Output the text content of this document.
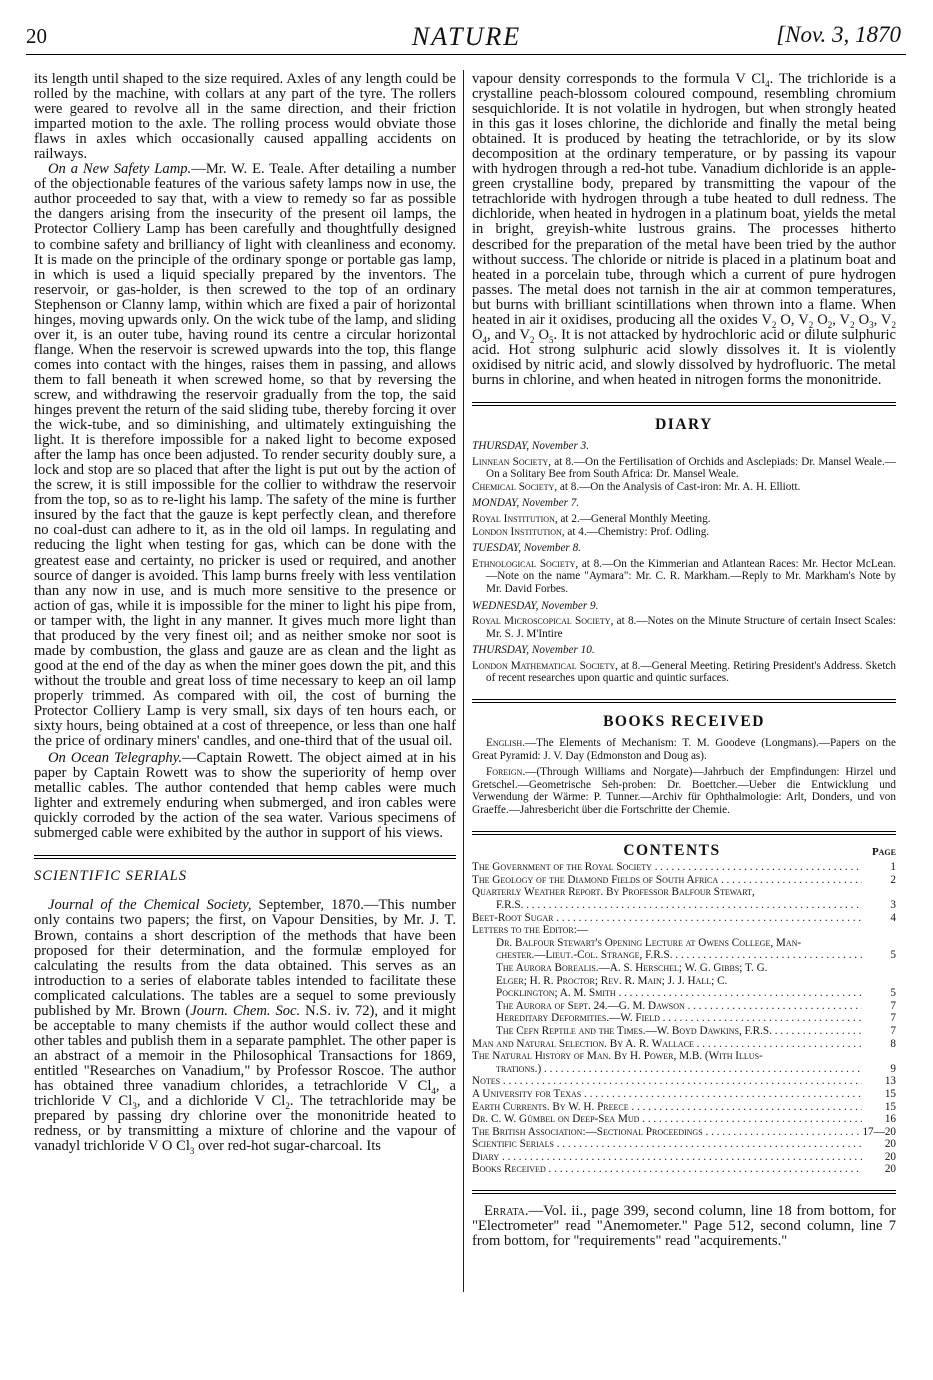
20	NATURE	[Nov. 3, 1870

its length until shaped to the size required. Axles of any length could be rolled by the machine, with collars at any part of the tyre. The rollers were geared to revolve all in the same direction, and their friction imparted motion to the axle. The rolling process would obviate those flaws in axles which occasionally caused appalling accidents on railways.

On a New Safety Lamp.—Mr. W. E. Teale. After detailing a number of the objectionable features of the various safety lamps now in use, the author proceeded to say that, with a view to remedy so far as possible the dangers arising from the insecurity of the present oil lamps, the Protector Colliery Lamp has been carefully and thoughtfully designed to combine safety and brilliancy of light with cleanliness and economy. It is made on the principle of the ordinary sponge or portable gas lamp, in which is used a liquid specially prepared by the inventors. The reservoir, or gas-holder, is then screwed to the top of an ordinary Stephenson or Clanny lamp, within which are fixed a pair of horizontal hinges, moving upwards only. On the wick tube of the lamp, and sliding over it, is an outer tube, having round its centre a circular horizontal flange. When the reservoir is screwed upwards into the top, this flange comes into contact with the hinges, raises them in passing, and allows them to fall beneath it when screwed home, so that by reversing the screw, and withdrawing the reservoir gradually from the top, the said hinges prevent the return of the said sliding tube, thereby forcing it over the wick-tube, and so diminishing, and ultimately extinguishing the light. It is therefore impossible for a naked light to become exposed after the lamp has once been adjusted. To render security doubly sure, a lock and stop are so placed that after the light is put out by the action of the screw, it is still impossible for the collier to withdraw the reservoir from the top, so as to re-light his lamp. The safety of the mine is further insured by the fact that the gauze is kept perfectly clean, and therefore no coal-dust can adhere to it, as in the old oil lamps. In regulating and reducing the light when testing for gas, which can be done with the greatest ease and certainty, no pricker is used or required, and another source of danger is avoided. This lamp burns freely with less ventilation than any now in use, and is much more sensitive to the presence or action of gas, while it is impossible for the miner to light his pipe from, or tamper with, the light in any manner. It gives much more light than that produced by the very finest oil; and as neither smoke nor soot is made by combustion, the glass and gauze are as clean and the light as good at the end of the day as when the miner goes down the pit, and this without the trouble and great loss of time necessary to keep an oil lamp properly trimmed. As compared with oil, the cost of burning the Protector Colliery Lamp is very small, six days of ten hours each, or sixty hours, being obtained at a cost of threepence, or less than one half the price of ordinary miners' candles, and one-third that of the usual oil.

On Ocean Telegraphy.—Captain Rowett. The object aimed at in his paper by Captain Rowett was to show the superiority of hemp over metallic cables. The author contended that hemp cables were much lighter and extremely enduring when submerged, and iron cables were quickly corroded by the action of the sea water. Various specimens of submerged cable were exhibited by the author in support of his views.

SCIENTIFIC SERIALS

Journal of the Chemical Society, September, 1870.—This number only contains two papers; the first, on Vapour Densities, by Mr. J. T. Brown, contains a short description of the methods that have been proposed for their determination, and the formulæ employed for calculating the results from the data obtained. This serves as an introduction to a series of elaborate tables intended to facilitate these complicated calculations. The tables are a sequel to some previously published by Mr. Brown (Journ. Chem. Soc. N.S. iv. 72), and it might be acceptable to many chemists if the author would collect these and other tables and publish them in a separate pamphlet. The other paper is an abstract of a memoir in the Philosophical Transactions for 1869, entitled "Researches on Vanadium," by Professor Roscoe. The author has obtained three vanadium chlorides, a tetrachloride V $Cl_4$, a trichloride V $Cl_3$, and a dichloride V $Cl_2$. The tetrachloride may be prepared by passing dry chlorine over the mononitride heated to redness, or by transmitting a mixture of chlorine and the vapour of vanadyl trichloride V O $Cl_3$ over red-hot sugar-charcoal. Its

vapour density corresponds to the formula V $Cl_4$. The trichloride is a crystalline peach-blossom coloured compound, resembling chromium sesquichloride. It is not volatile in hydrogen, but when strongly heated in this gas it loses chlorine, the dichloride and finally the metal being obtained. It is produced by heating the tetrachloride, or by its slow decomposition at the ordinary temperature, or by passing its vapour with hydrogen through a red-hot tube. Vanadium dichloride is an apple-green crystalline body, prepared by transmitting the vapour of the tetrachloride with hydrogen through a tube heated to dull redness. The dichloride, when heated in hydrogen in a platinum boat, yields the metal in bright, greyish-white lustrous grains. The processes hitherto described for the preparation of the metal have been tried by the author without success. The chloride or nitride is placed in a platinum boat and heated in a porcelain tube, through which a current of pure hydrogen passes. The metal does not tarnish in the air at common temperatures, but burns with brilliant scintillations when thrown into a flame. When heated in air it oxidises, producing all the oxides $V_2$ O, $V_2$ $O_2$, $V_2$ $O_3$, $V_2$ $O_4$, and $V_2$ $O_5$. It is not attacked by hydrochloric acid or dilute sulphuric acid. Hot strong sulphuric acid slowly dissolves it. It is violently oxidised by nitric acid, and slowly dissolved by hydrofluoric. The metal burns in chlorine, and when heated in nitrogen forms the mononitride.

DIARY

THURSDAY, November 3.

Linnean Society, at 8.—On the Fertilisation of Orchids and Asclepiads: Dr. Mansel Weale.—On a Solitary Bee from South Africa: Dr. Mansel Weale.

Chemical Society, at 8.—On the Analysis of Cast-iron: Mr. A. H. Elliott.

MONDAY, November 7.

Royal Institution, at 2.—General Monthly Meeting.

London Institution, at 4.—Chemistry: Prof. Odling.

TUESDAY, November 8.

Ethnological Society, at 8.—On the Kimmerian and Atlantean Races: Mr. Hector McLean.—Note on the name "Aymara": Mr. C. R. Markham.—Reply to Mr. Markham's Note by Mr. David Forbes.

WEDNESDAY, November 9.

Royal Microscopical Society, at 8.—Notes on the Minute Structure of certain Insect Scales: Mr. S. J. M'Intire

THURSDAY, November 10.

London Mathematical Society, at 8.—General Meeting. Retiring President's Address. Sketch of recent researches upon quartic and quintic surfaces.

BOOKS RECEIVED

English.—The Elements of Mechanism: T. M. Goodeve (Longmans).—Papers on the Great Pyramid: J. V. Day (Edmonston and Doug as).

Foreign.—(Through Williams and Norgate)—Jahrbuch der Empfindungen: Hirzel und Gretschel.—Geometrische Seh-proben: Dr. Boettcher.—Ueber die Entwicklung und Verwendung der Wärme: P. Tunner.—Archiv für Ophthalmologie: Arlt, Donders, und von Graeffe.—Jahresbericht über die Fortschritte der Chemie.

CONTENTS	Page
The Government of the Royal Society . . .	1
The Geology of the Diamond Fields of South Africa . . .	2
Quarterly Weather Report. By Professor Balfour Stewart,
F.R.S. . . .	3
Beet-Root Sugar . . .	4
Letters to the Editor:—
Dr. Balfour Stewart's Opening Lecture at Owens College, Man-
chester.—Lieut.-Col. Strange, F.R.S. . . .	5
The Aurora Borealis.—A. S. Herschel; W. G. Gibbs; T. G.
Elger; H. R. Proctor; Rev. R. Main; J. J. Hall; C.
Pocklington; A. M. Smith . . .	5
The Aurora of Sept. 24.—G. M. Dawson . . .	7
Hereditary Deformities.—W. Field . . .	7
The Cefn Reptile and the Times.—W. Boyd Dawkins, F.R.S. . . .	7
Man and Natural Selection. By A. R. Wallace . . .	8
The Natural History of Man. By H. Power, M.B. (With Illus-
trations.) . . .	9
Notes . . .	13
A University for Texas . . .	15
Earth Currents. By W. H. Preece . . .	15
Dr. C. W. Gümbel on Deep-Sea Mud . . .	16
The British Association:—Sectional Proceedings . . .	17—20
Scientific Serials . . .	20
Diary . . .	20
Books Received . . .	20

Errata.—Vol. ii., page 399, second column, line 18 from bottom, for "Electrometer" read "Anemometer." Page 512, second column, line 7 from bottom, for "requirements" read "acquirements."
